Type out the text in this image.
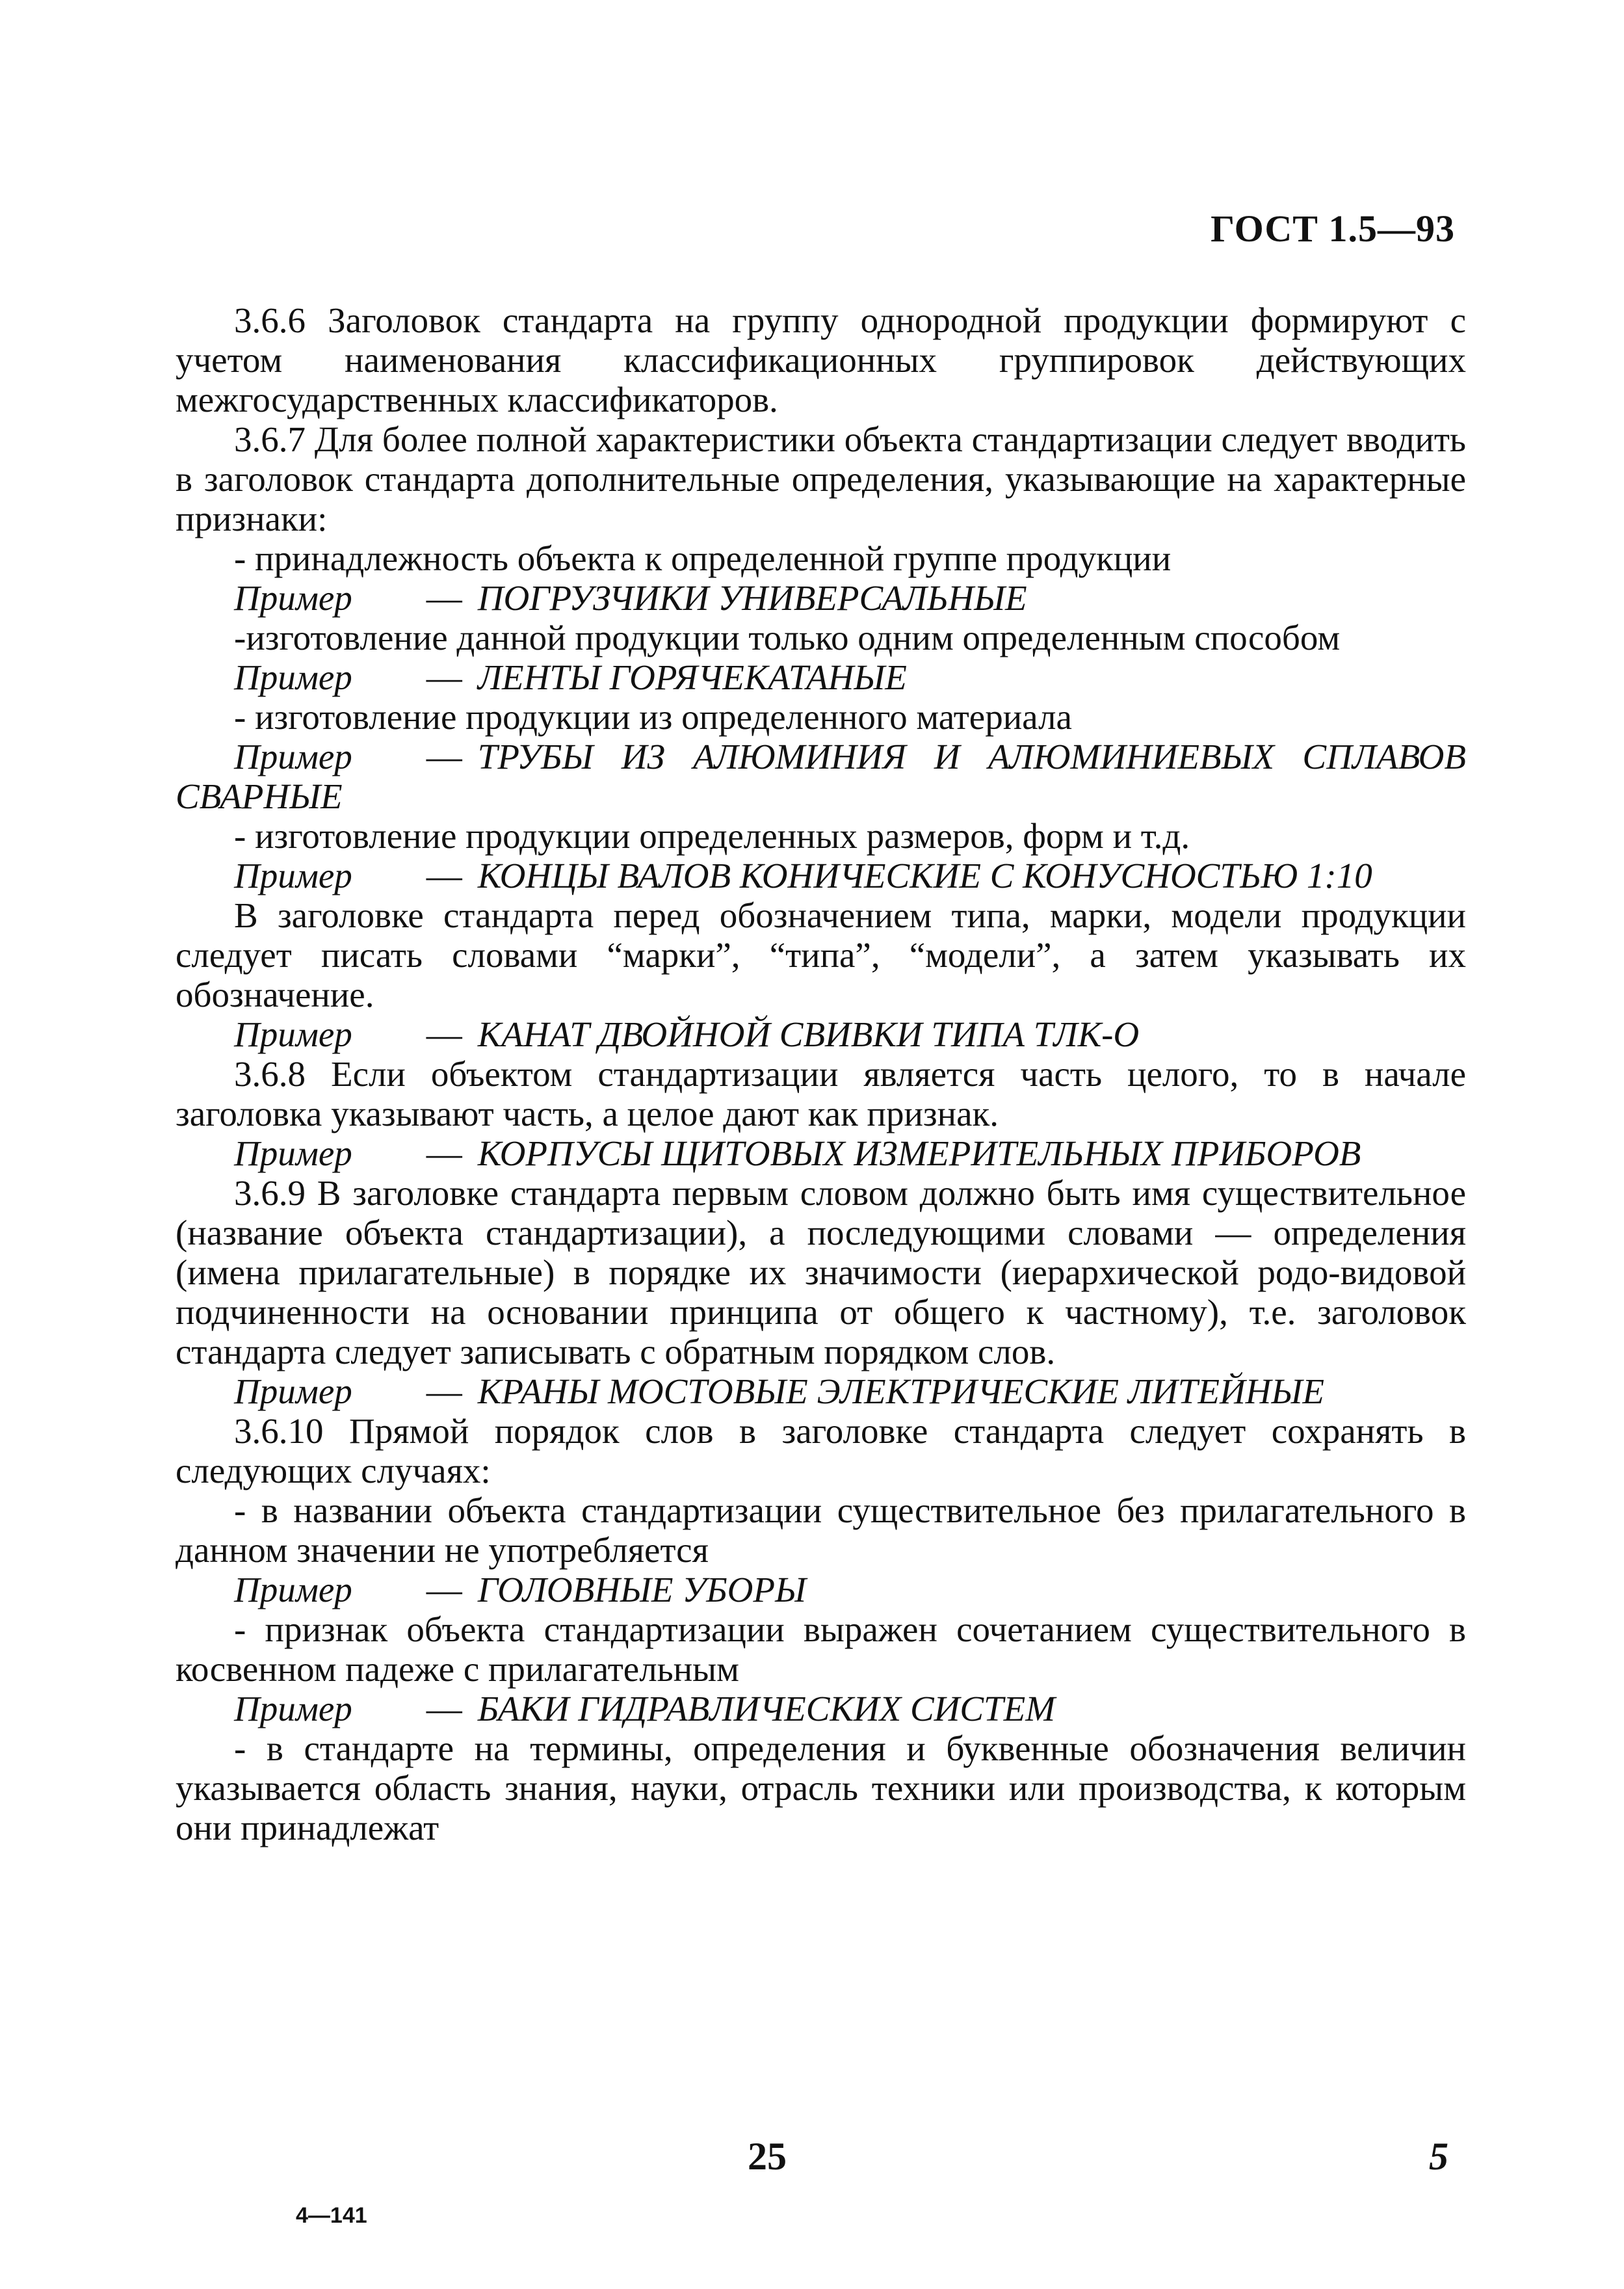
ГОСТ 1.5—93

3.6.6 Заголовок стандарта на группу однородной продукции формируют с учетом наименования классификационных группировок действующих межгосударственных классификаторов.

3.6.7 Для более полной характеристики объекта стандартизации следует вводить в заголовок стандарта дополнительные определения, указывающие на характерные признаки:

- принадлежность объекта к определенной группе продукции

Пример — ПОГРУЗЧИКИ УНИВЕРСАЛЬНЫЕ

-изготовление данной продукции только одним определенным способом

Пример — ЛЕНТЫ ГОРЯЧЕКАТАНЫЕ

- изготовление продукции из определенного материала

Пример — ТРУБЫ ИЗ АЛЮМИНИЯ И АЛЮМИНИЕВЫХ СПЛАВОВ СВАРНЫЕ

- изготовление продукции определенных размеров, форм и т.д.

Пример — КОНЦЫ ВАЛОВ КОНИЧЕСКИЕ С КОНУСНОСТЬЮ 1:10

В заголовке стандарта перед обозначением типа, марки, модели продукции следует писать словами “марки”, “типа”, “модели”, а затем указывать их обозначение.

Пример — КАНАТ ДВОЙНОЙ СВИВКИ ТИПА ТЛК-О

3.6.8 Если объектом стандартизации является часть целого, то в начале заголовка указывают часть, а целое дают как признак.

Пример — КОРПУСЫ ЩИТОВЫХ ИЗМЕРИТЕЛЬНЫХ ПРИБОРОВ

3.6.9 В заголовке стандарта первым словом должно быть имя существительное (название объекта стандартизации), а последующими словами — определения (имена прилагательные) в порядке их значимости (иерархической родо-видовой подчиненности на основании принципа от общего к частному), т.е. заголовок стандарта следует записывать с обратным порядком слов.

Пример — КРАНЫ МОСТОВЫЕ ЭЛЕКТРИЧЕСКИЕ ЛИТЕЙНЫЕ

3.6.10 Прямой порядок слов в заголовке стандарта следует сохранять в следующих случаях:

- в названии объекта стандартизации существительное без прилагательного в данном значении не употребляется

Пример — ГОЛОВНЫЕ УБОРЫ

- признак объекта стандартизации выражен сочетанием существительного в косвенном падеже с прилагательным

Пример — БАКИ ГИДРАВЛИЧЕСКИХ СИСТЕМ

- в стандарте на термины, определения и буквенные обозначения величин указывается область знания, науки, отрасль техники или производства, к которым они принадлежат

25	5
4—141
